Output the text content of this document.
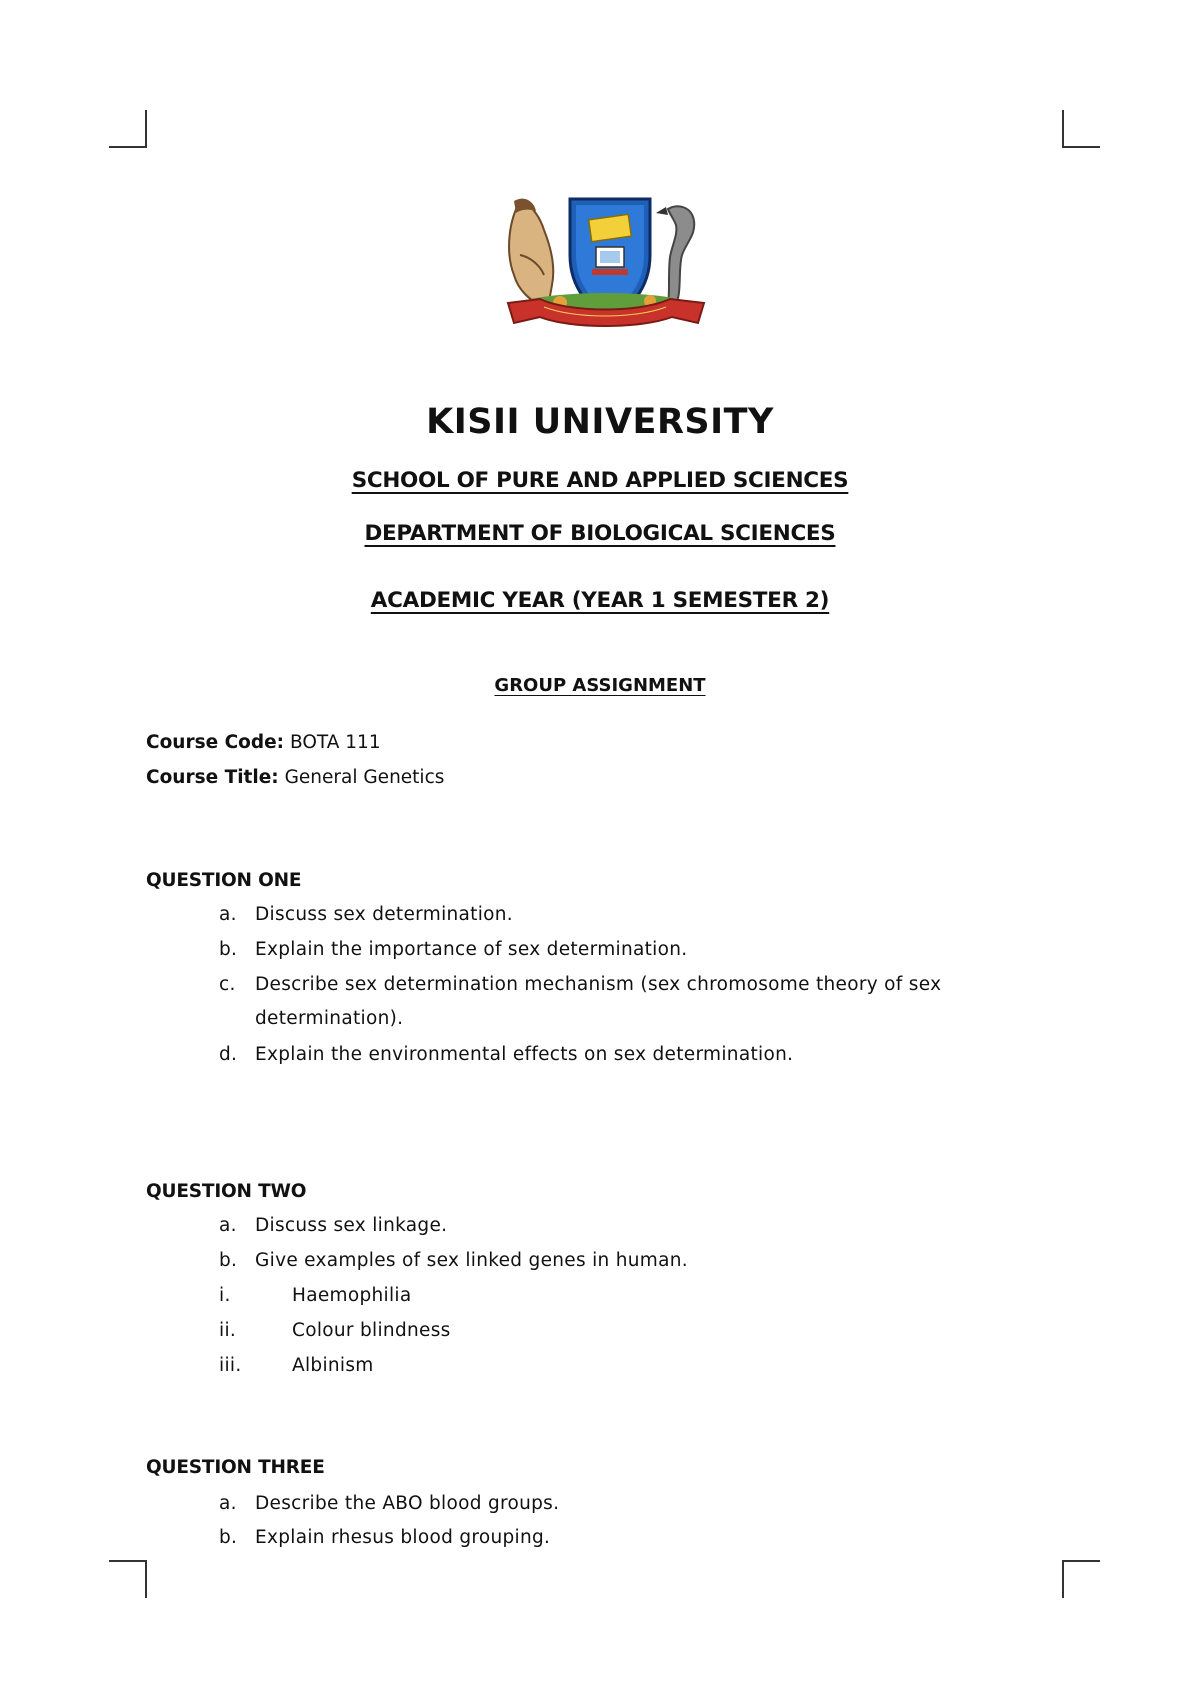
KISII UNIVERSITY
SCHOOL OF PURE AND APPLIED SCIENCES
DEPARTMENT OF BIOLOGICAL SCIENCES
ACADEMIC YEAR (YEAR 1 SEMESTER 2)
GROUP ASSIGNMENT
Course Code: BOTA 111
Course Title: General Genetics
QUESTION ONE
a. Discuss sex determination.
b. Explain the importance of sex determination.
c. Describe sex determination mechanism (sex chromosome theory of sex determination).
d. Explain the environmental effects on sex determination.
QUESTION TWO
a. Discuss sex linkage.
b. Give examples of sex linked genes in human.
i.	Haemophilia
ii.	Colour blindness
iii.	Albinism
QUESTION THREE
a. Describe the ABO blood groups.
b. Explain rhesus blood grouping.
